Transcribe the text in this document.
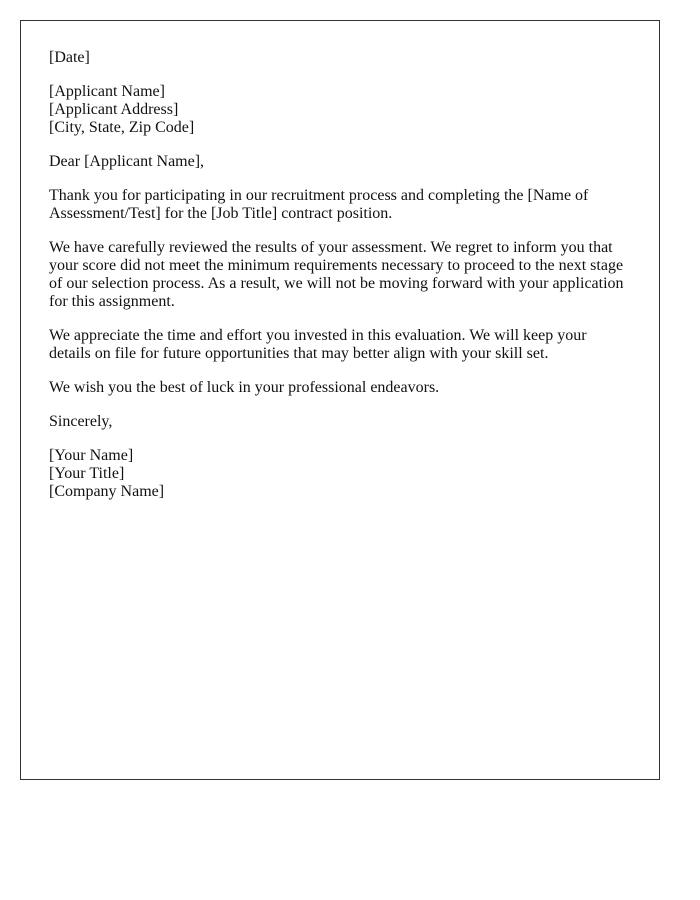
[Date]

[Applicant Name]
[Applicant Address]
[City, State, Zip Code]

Dear [Applicant Name],

Thank you for participating in our recruitment process and completing the [Name of Assessment/Test] for the [Job Title] contract position.

We have carefully reviewed the results of your assessment. We regret to inform you that your score did not meet the minimum requirements necessary to proceed to the next stage of our selection process. As a result, we will not be moving forward with your application for this assignment.

We appreciate the time and effort you invested in this evaluation. We will keep your details on file for future opportunities that may better align with your skill set.

We wish you the best of luck in your professional endeavors.

Sincerely,

[Your Name]
[Your Title]
[Company Name]
